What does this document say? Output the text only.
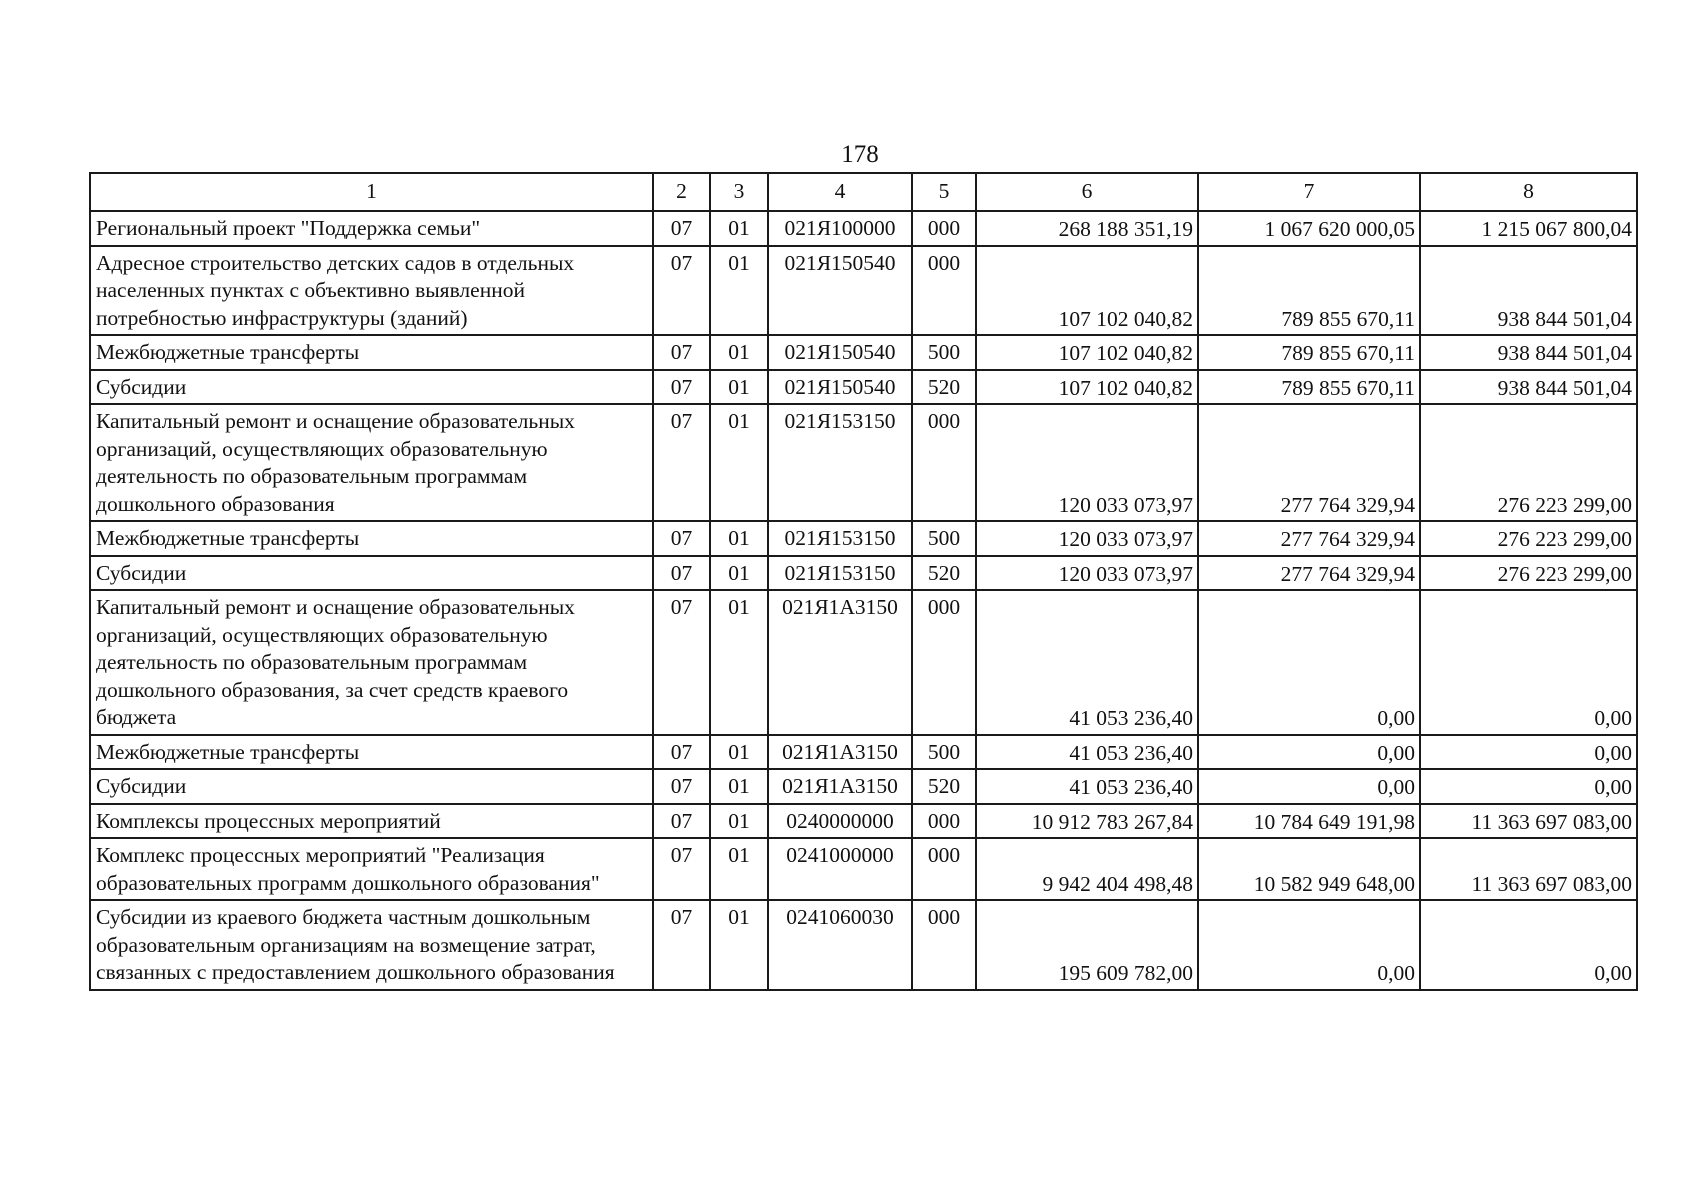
178
1	2	3	4	5	6	7	8
Региональный проект "Поддержка семьи"	07	01	021Я100000	000	268 188 351,19	1 067 620 000,05	1 215 067 800,04
Адресное строительство детских садов в отдельных населенных пунктах с объективно выявленной потребностью инфраструктуры (зданий)	07	01	021Я150540	000	107 102 040,82	789 855 670,11	938 844 501,04
Межбюджетные трансферты	07	01	021Я150540	500	107 102 040,82	789 855 670,11	938 844 501,04
Субсидии	07	01	021Я150540	520	107 102 040,82	789 855 670,11	938 844 501,04
Капитальный ремонт и оснащение образовательных организаций, осуществляющих образовательную деятельность по образовательным программам дошкольного образования	07	01	021Я153150	000	120 033 073,97	277 764 329,94	276 223 299,00
Межбюджетные трансферты	07	01	021Я153150	500	120 033 073,97	277 764 329,94	276 223 299,00
Субсидии	07	01	021Я153150	520	120 033 073,97	277 764 329,94	276 223 299,00
Капитальный ремонт и оснащение образовательных организаций, осуществляющих образовательную деятельность по образовательным программам дошкольного образования, за счет средств краевого бюджета	07	01	021Я1А3150	000	41 053 236,40	0,00	0,00
Межбюджетные трансферты	07	01	021Я1А3150	500	41 053 236,40	0,00	0,00
Субсидии	07	01	021Я1А3150	520	41 053 236,40	0,00	0,00
Комплексы процессных мероприятий	07	01	0240000000	000	10 912 783 267,84	10 784 649 191,98	11 363 697 083,00
Комплекс процессных мероприятий "Реализация образовательных программ дошкольного образования"	07	01	0241000000	000	9 942 404 498,48	10 582 949 648,00	11 363 697 083,00
Субсидии из краевого бюджета частным дошкольным образовательным организациям на возмещение затрат, связанных с предоставлением дошкольного образования	07	01	0241060030	000	195 609 782,00	0,00	0,00
